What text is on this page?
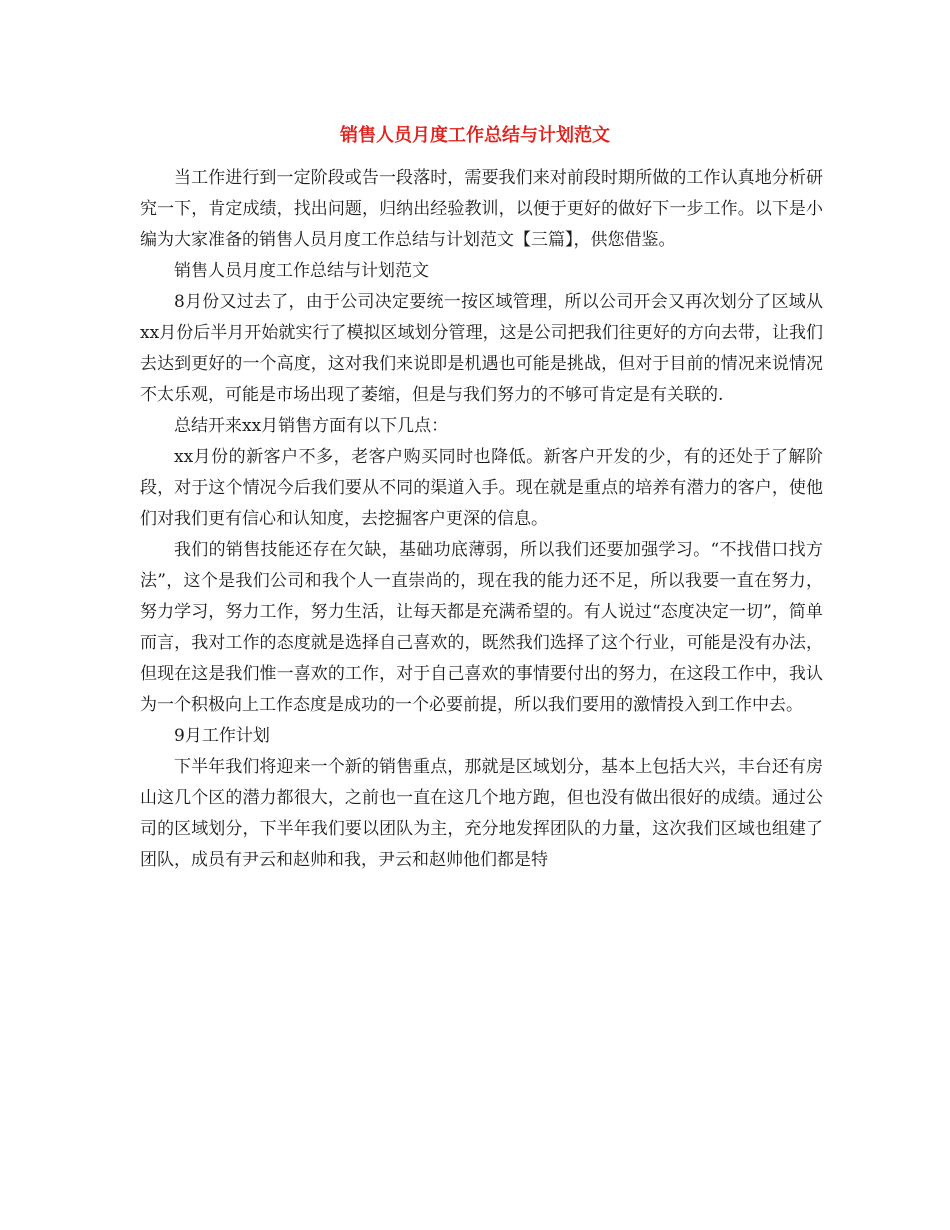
销售人员月度工作总结与计划范文

当工作进行到一定阶段或告一段落时，需要我们来对前段时期所做的工作认真地分析研究一下，肯定成绩，找出问题，归纳出经验教训，以便于更好的做好下一步工作。以下是小编为大家准备的销售人员月度工作总结与计划范文【三篇】，供您借鉴。

销售人员月度工作总结与计划范文

8月份又过去了，由于公司决定要统一按区域管理，所以公司开会又再次划分了区域从xx月份后半月开始就实行了模拟区域划分管理，这是公司把我们往更好的方向去带，让我们去达到更好的一个高度，这对我们来说即是机遇也可能是挑战，但对于目前的情况来说情况不太乐观，可能是市场出现了萎缩，但是与我们努力的不够可肯定是有关联的.

总结开来xx月销售方面有以下几点：

xx月份的新客户不多，老客户购买同时也降低。新客户开发的少，有的还处于了解阶段，对于这个情况今后我们要从不同的渠道入手。现在就是重点的培养有潜力的客户，使他们对我们更有信心和认知度，去挖掘客户更深的信息。

我们的销售技能还存在欠缺，基础功底薄弱，所以我们还要加强学习。“不找借口找方法”，这个是我们公司和我个人一直崇尚的，现在我的能力还不足，所以我要一直在努力，努力学习，努力工作，努力生活，让每天都是充满希望的。有人说过“态度决定一切”，简单而言，我对工作的态度就是选择自己喜欢的，既然我们选择了这个行业，可能是没有办法，但现在这是我们惟一喜欢的工作，对于自己喜欢的事情要付出的努力，在这段工作中，我认为一个积极向上工作态度是成功的一个必要前提，所以我们要用的激情投入到工作中去。

9月工作计划

下半年我们将迎来一个新的销售重点，那就是区域划分，基本上包括大兴，丰台还有房山这几个区的潜力都很大，之前也一直在这几个地方跑，但也没有做出很好的成绩。通过公司的区域划分，下半年我们要以团队为主，充分地发挥团队的力量，这次我们区域也组建了团队，成员有尹云和赵帅和我，尹云和赵帅他们都是特
